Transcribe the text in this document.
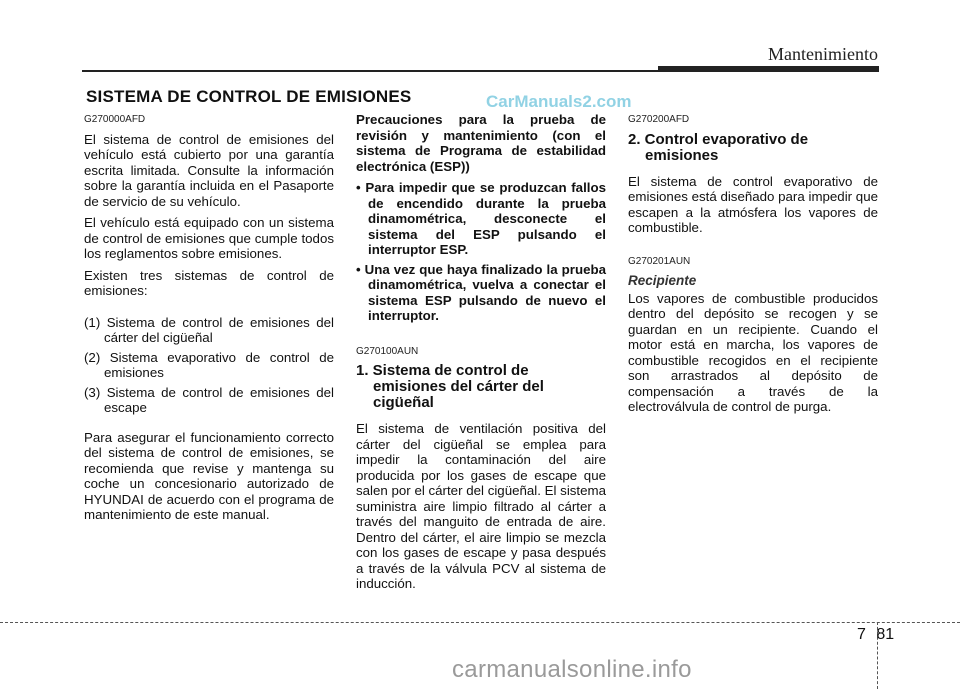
Mantenimiento
SISTEMA DE CONTROL DE EMISIONES	CarManuals2.com
G270000AFD

El sistema de control de emisiones del vehículo está cubierto por una garantía escrita limitada. Consulte la información sobre la garantía incluida en el Pasaporte de servicio de su vehículo.

El vehículo está equipado con un sistema de control de emisiones que cumple todos los reglamentos sobre emisiones.

Existen tres sistemas de control de emisiones:

(1) Sistema de control de emisiones del cárter del cigüeñal
(2) Sistema evaporativo de control de emisiones
(3) Sistema de control de emisiones del escape

Para asegurar el funcionamiento correcto del sistema de control de emisiones, se recomienda que revise y mantenga su coche un concesionario autorizado de HYUNDAI de acuerdo con el programa de mantenimiento de este manual.

Precauciones para la prueba de revisión y mantenimiento (con el sistema de Programa de estabilidad electrónica (ESP))

• Para impedir que se produzcan fallos de encendido durante la prueba dinamométrica, desconecte el sistema del ESP pulsando el interruptor ESP.
• Una vez que haya finalizado la prueba dinamométrica, vuelva a conectar el sistema ESP pulsando de nuevo el interruptor.
G270100AUN
1. Sistema de control de emisiones del cárter del cigüeñal

El sistema de ventilación positiva del cárter del cigüeñal se emplea para impedir la contaminación del aire producida por los gases de escape que salen por el cárter del cigüeñal. El sistema suministra aire limpio filtrado al cárter a través del manguito de entrada de aire. Dentro del cárter, el aire limpio se mezcla con los gases de escape y pasa después a través de la válvula PCV al sistema de inducción.

G270200AFD
2. Control evaporativo de emisiones

El sistema de control evaporativo de emisiones está diseñado para impedir que escapen a la atmósfera los vapores de combustible.

G270201AUN
Recipiente

Los vapores de combustible producidos dentro del depósito se recogen y se guardan en un recipiente. Cuando el motor está en marcha, los vapores de combustible recogidos en el recipiente son arrastrados al depósito de compensación a través de la electroválvula de control de purga.

7 81
carmanualsonline.info
